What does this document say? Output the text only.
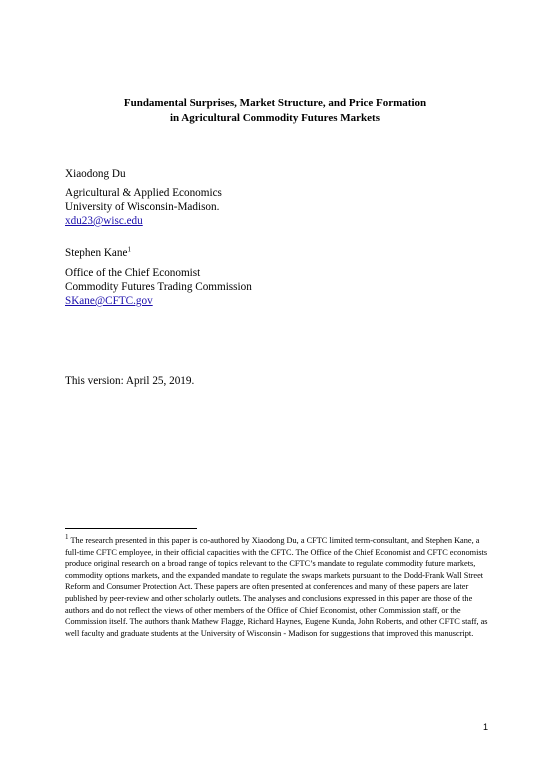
Fundamental Surprises, Market Structure, and Price Formation
in Agricultural Commodity Futures Markets
Xiaodong Du
Agricultural & Applied Economics
University of Wisconsin-Madison.
xdu23@wisc.edu
Stephen Kane$^1$
Office of the Chief Economist
Commodity Futures Trading Commission
SKane@CFTC.gov
This version: April 25, 2019.
$^1$ The research presented in this paper is co-authored by Xiaodong Du, a CFTC limited term-consultant, and Stephen Kane, a full-time CFTC employee, in their official capacities with the CFTC. The Office of the Chief Economist and CFTC economists produce original research on a broad range of topics relevant to the CFTC’s mandate to regulate commodity future markets, commodity options markets, and the expanded mandate to regulate the swaps markets pursuant to the Dodd-Frank Wall Street Reform and Consumer Protection Act. These papers are often presented at conferences and many of these papers are later published by peer-review and other scholarly outlets. The analyses and conclusions expressed in this paper are those of the authors and do not reflect the views of other members of the Office of Chief Economist, other Commission staff, or the Commission itself. The authors thank Mathew Flagge, Richard Haynes, Eugene Kunda, John Roberts, and other CFTC staff, as well faculty and graduate students at the University of Wisconsin - Madison for suggestions that improved this manuscript.
1
